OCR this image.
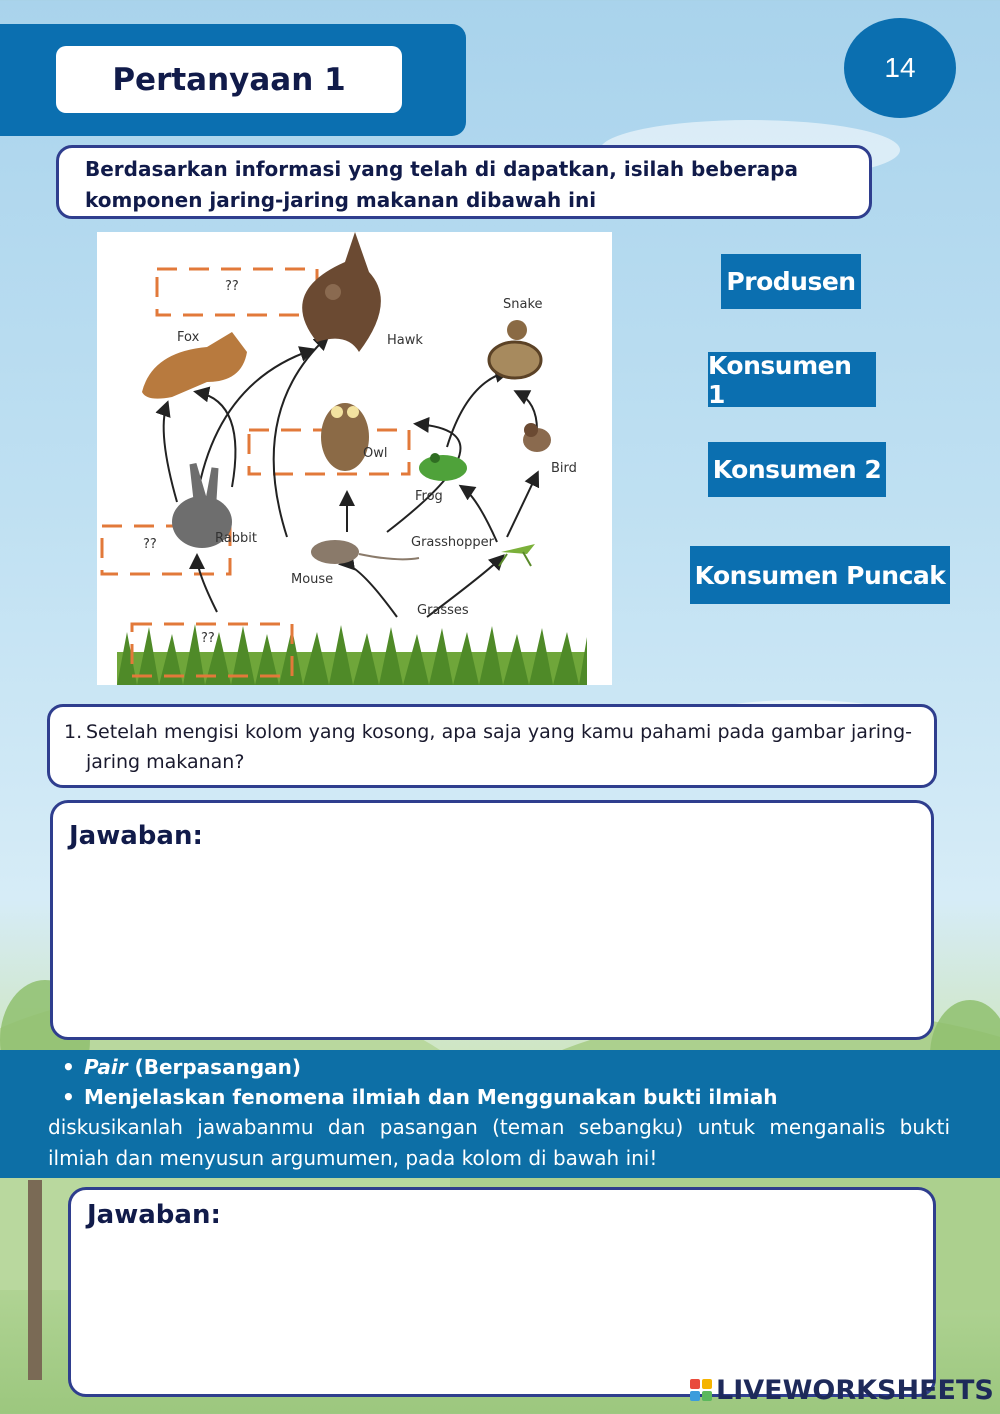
Pertanyaan 1	14
Berdasarkan informasi yang telah di dapatkan, isilah beberapa
komponen jaring-jaring makanan dibawah ini
Hawk
Snake
Fox
Owl
Frog
Bird
Rabbit	Grasshopper
Mouse
Grasses
??
??
??
Produsen
Konsumen 1
Konsumen 2
Konsumen Puncak
1. Setelah mengisi kolom yang kosong, apa saja yang kamu pahami pada gambar jaring-jaring makanan?
Jawaban:
• Pair (Berpasangan)
• Menjelaskan fenomena ilmiah dan Menggunakan bukti ilmiah
diskusikanlah jawabanmu dan pasangan (teman sebangku) untuk menganalis bukti ilmiah dan menyusun argumumen, pada kolom di bawah ini!
Jawaban:
LIVEWORKSHEETS
